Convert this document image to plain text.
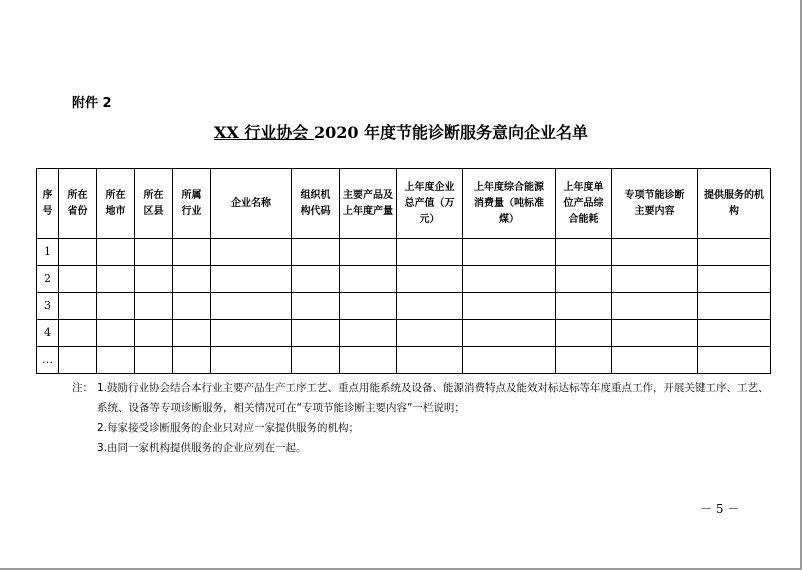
附件 2
XX 行业协会 2020 年度节能诊断服务意向企业名单
序号	所在省份	所在地市	所在区县	所属行业	企业名称	组织机构代码	主要产品及上年度产量	上年度企业总产值（万元）	上年度综合能源消费量（吨标准煤）	上年度单位产品综合能耗	专项节能诊断主要内容	提供服务的机构
1												
2												
3												
4												
…												
注： 1.鼓励行业协会结合本行业主要产品生产工序工艺、重点用能系统及设备、能源消费特点及能效对标达标等年度重点工作，开展关键工序、工艺、系统、设备等专项诊断服务，相关情况可在“专项节能诊断主要内容”一栏说明；
2.每家接受诊断服务的企业只对应一家提供服务的机构；
3.由同一家机构提供服务的企业应列在一起。
－ 5 －
